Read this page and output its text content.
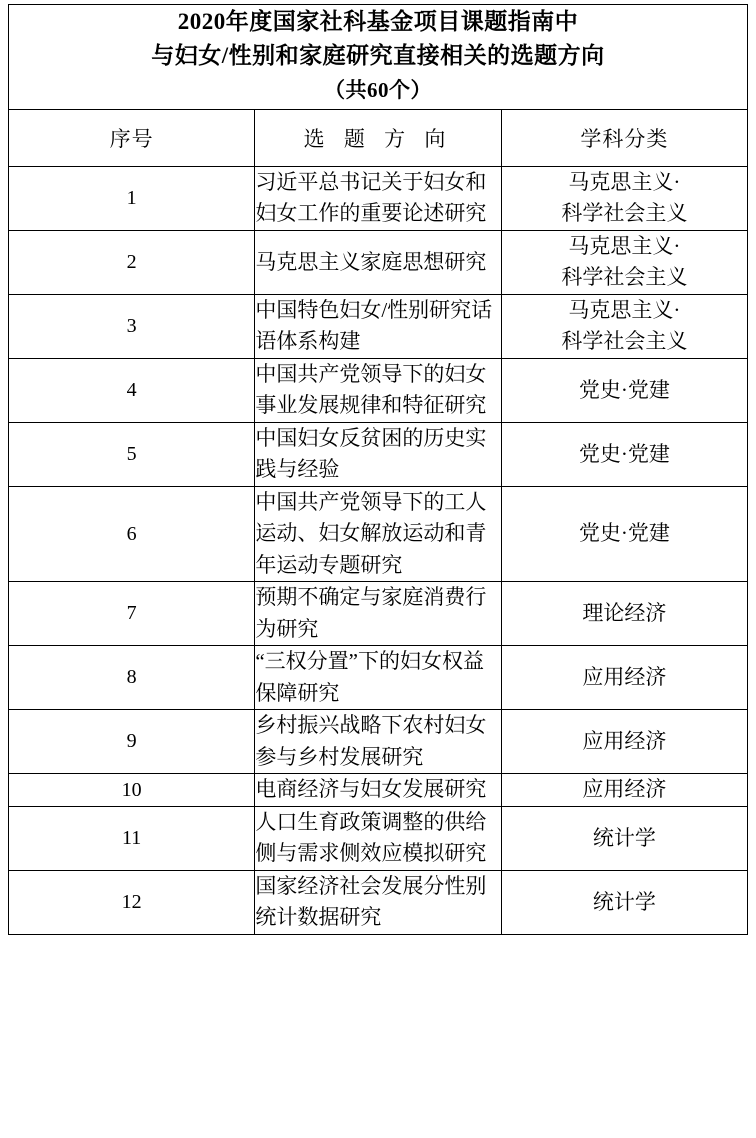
2020年度国家社科基金项目课题指南中
与妇女/性别和家庭研究直接相关的选题方向
（共60个）		

序号	选 题 方 向	学科分类
1	习近平总书记关于妇女和妇女工作的重要论述研究	马克思主义·
科学社会主义

2	马克思主义家庭思想研究	马克思主义·
科学社会主义

3	中国特色妇女/性别研究话语体系构建	马克思主义·
科学社会主义

4	中国共产党领导下的妇女事业发展规律和特征研究	党史·党建

5	中国妇女反贫困的历史实践与经验	党史·党建

6	中国共产党领导下的工人运动、妇女解放运动和青年运动专题研究	党史·党建

7	预期不确定与家庭消费行为研究	理论经济

8	“三权分置”下的妇女权益保障研究	应用经济

9	乡村振兴战略下农村妇女参与乡村发展研究	应用经济

10	电商经济与妇女发展研究	应用经济

11	人口生育政策调整的供给侧与需求侧效应模拟研究	统计学

12	国家经济社会发展分性别统计数据研究	统计学
